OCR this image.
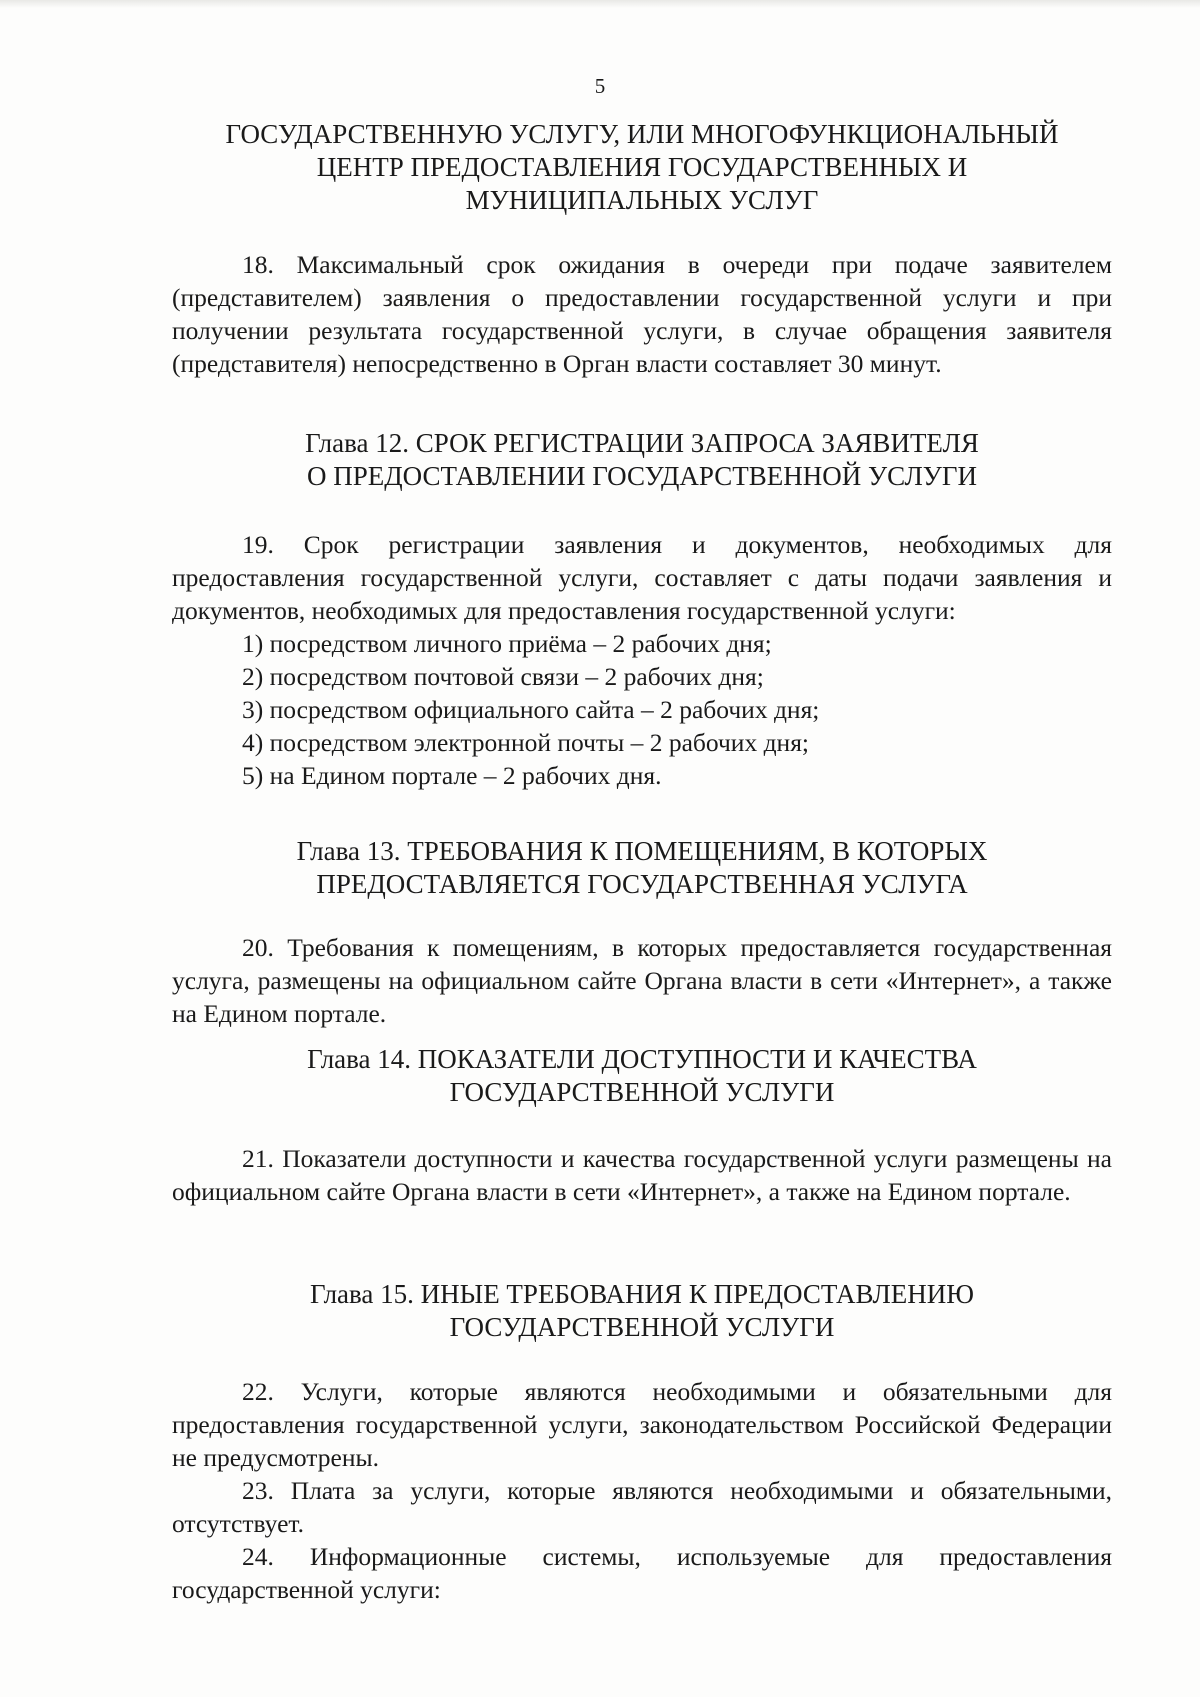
5
ГОСУДАРСТВЕННУЮ УСЛУГУ, ИЛИ МНОГОФУНКЦИОНАЛЬНЫЙ
ЦЕНТР ПРЕДОСТАВЛЕНИЯ ГОСУДАРСТВЕННЫХ И
МУНИЦИПАЛЬНЫХ УСЛУГ
18. Максимальный срок ожидания в очереди при подаче заявителем (представителем) заявления о предоставлении государственной услуги и при получении результата государственной услуги, в случае обращения заявителя (представителя) непосредственно в Орган власти составляет 30 минут.
Глава 12. СРОК РЕГИСТРАЦИИ ЗАПРОСА ЗАЯВИТЕЛЯ
О ПРЕДОСТАВЛЕНИИ ГОСУДАРСТВЕННОЙ УСЛУГИ
19. Срок регистрации заявления и документов, необходимых для предоставления государственной услуги, составляет с даты подачи заявления и документов, необходимых для предоставления государственной услуги:
1) посредством личного приёма – 2 рабочих дня;
2) посредством почтовой связи – 2 рабочих дня;
3) посредством официального сайта – 2 рабочих дня;
4) посредством электронной почты – 2 рабочих дня;
5) на Едином портале – 2 рабочих дня.
Глава 13. ТРЕБОВАНИЯ К ПОМЕЩЕНИЯМ, В КОТОРЫХ
ПРЕДОСТАВЛЯЕТСЯ ГОСУДАРСТВЕННАЯ УСЛУГА
20. Требования к помещениям, в которых предоставляется государственная услуга, размещены на официальном сайте Органа власти в сети «Интернет», а также на Едином портале.
Глава 14. ПОКАЗАТЕЛИ ДОСТУПНОСТИ И КАЧЕСТВА
ГОСУДАРСТВЕННОЙ УСЛУГИ
21. Показатели доступности и качества государственной услуги размещены на официальном сайте Органа власти в сети «Интернет», а также на Едином портале.
Глава 15. ИНЫЕ ТРЕБОВАНИЯ К ПРЕДОСТАВЛЕНИЮ
ГОСУДАРСТВЕННОЙ УСЛУГИ
22. Услуги, которые являются необходимыми и обязательными для предоставления государственной услуги, законодательством Российской Федерации не предусмотрены.
23. Плата за услуги, которые являются необходимыми и обязательными, отсутствует.
24. Информационные системы, используемые для предоставления государственной услуги:
